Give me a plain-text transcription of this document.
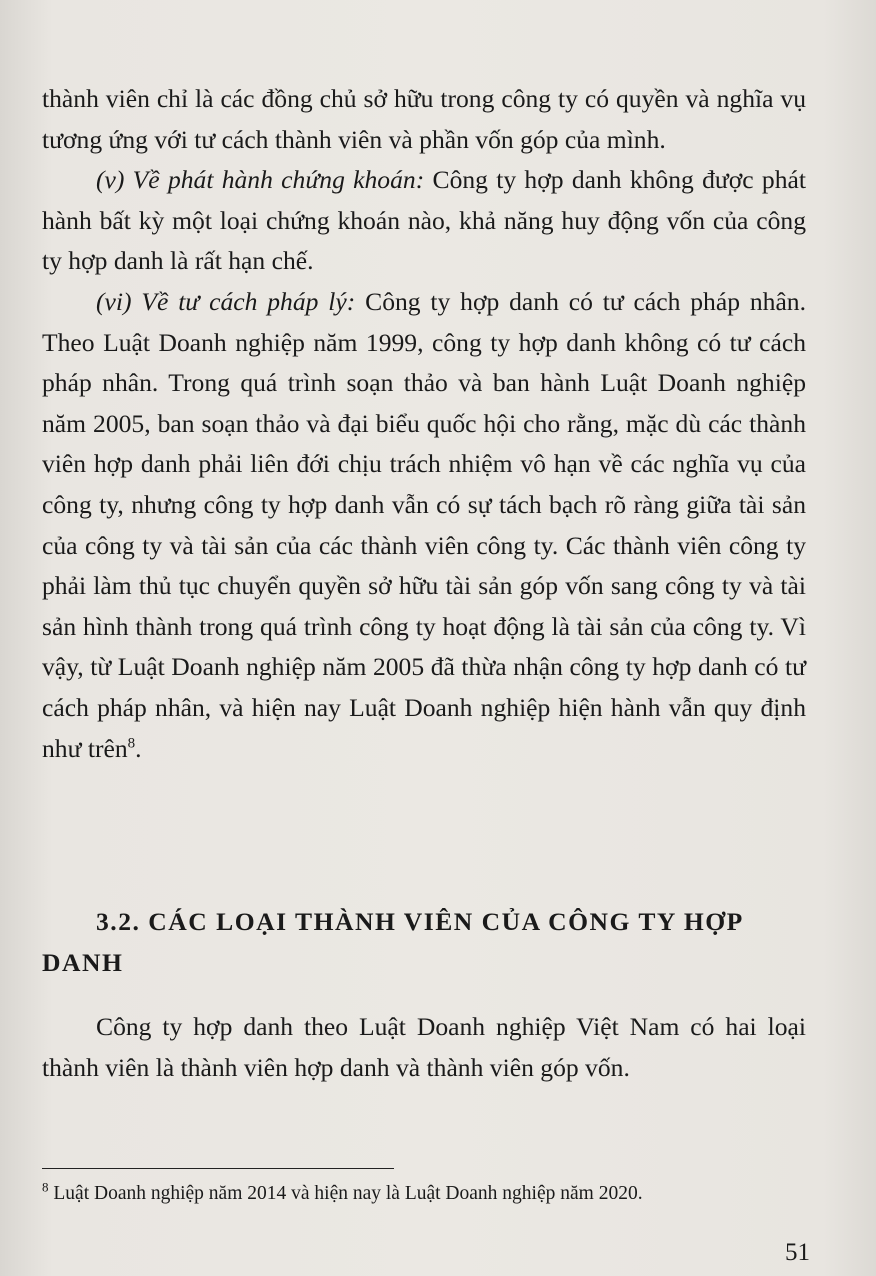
thành viên chỉ là các đồng chủ sở hữu trong công ty có quyền và nghĩa vụ tương ứng với tư cách thành viên và phần vốn góp của mình.

(v) Về phát hành chứng khoán: Công ty hợp danh không được phát hành bất kỳ một loại chứng khoán nào, khả năng huy động vốn của công ty hợp danh là rất hạn chế.

(vi) Về tư cách pháp lý: Công ty hợp danh có tư cách pháp nhân. Theo Luật Doanh nghiệp năm 1999, công ty hợp danh không có tư cách pháp nhân. Trong quá trình soạn thảo và ban hành Luật Doanh nghiệp năm 2005, ban soạn thảo và đại biểu quốc hội cho rằng, mặc dù các thành viên hợp danh phải liên đới chịu trách nhiệm vô hạn về các nghĩa vụ của công ty, nhưng công ty hợp danh vẫn có sự tách bạch rõ ràng giữa tài sản của công ty và tài sản của các thành viên công ty. Các thành viên công ty phải làm thủ tục chuyển quyền sở hữu tài sản góp vốn sang công ty và tài sản hình thành trong quá trình công ty hoạt động là tài sản của công ty. Vì vậy, từ Luật Doanh nghiệp năm 2005 đã thừa nhận công ty hợp danh có tư cách pháp nhân, và hiện nay Luật Doanh nghiệp hiện hành vẫn quy định như trên$^8$.

3.2. CÁC LOẠI THÀNH VIÊN CỦA CÔNG TY HỢP DANH

Công ty hợp danh theo Luật Doanh nghiệp Việt Nam có hai loại thành viên là thành viên hợp danh và thành viên góp vốn.

$^8$ Luật Doanh nghiệp năm 2014 và hiện nay là Luật Doanh nghiệp năm 2020.
51
